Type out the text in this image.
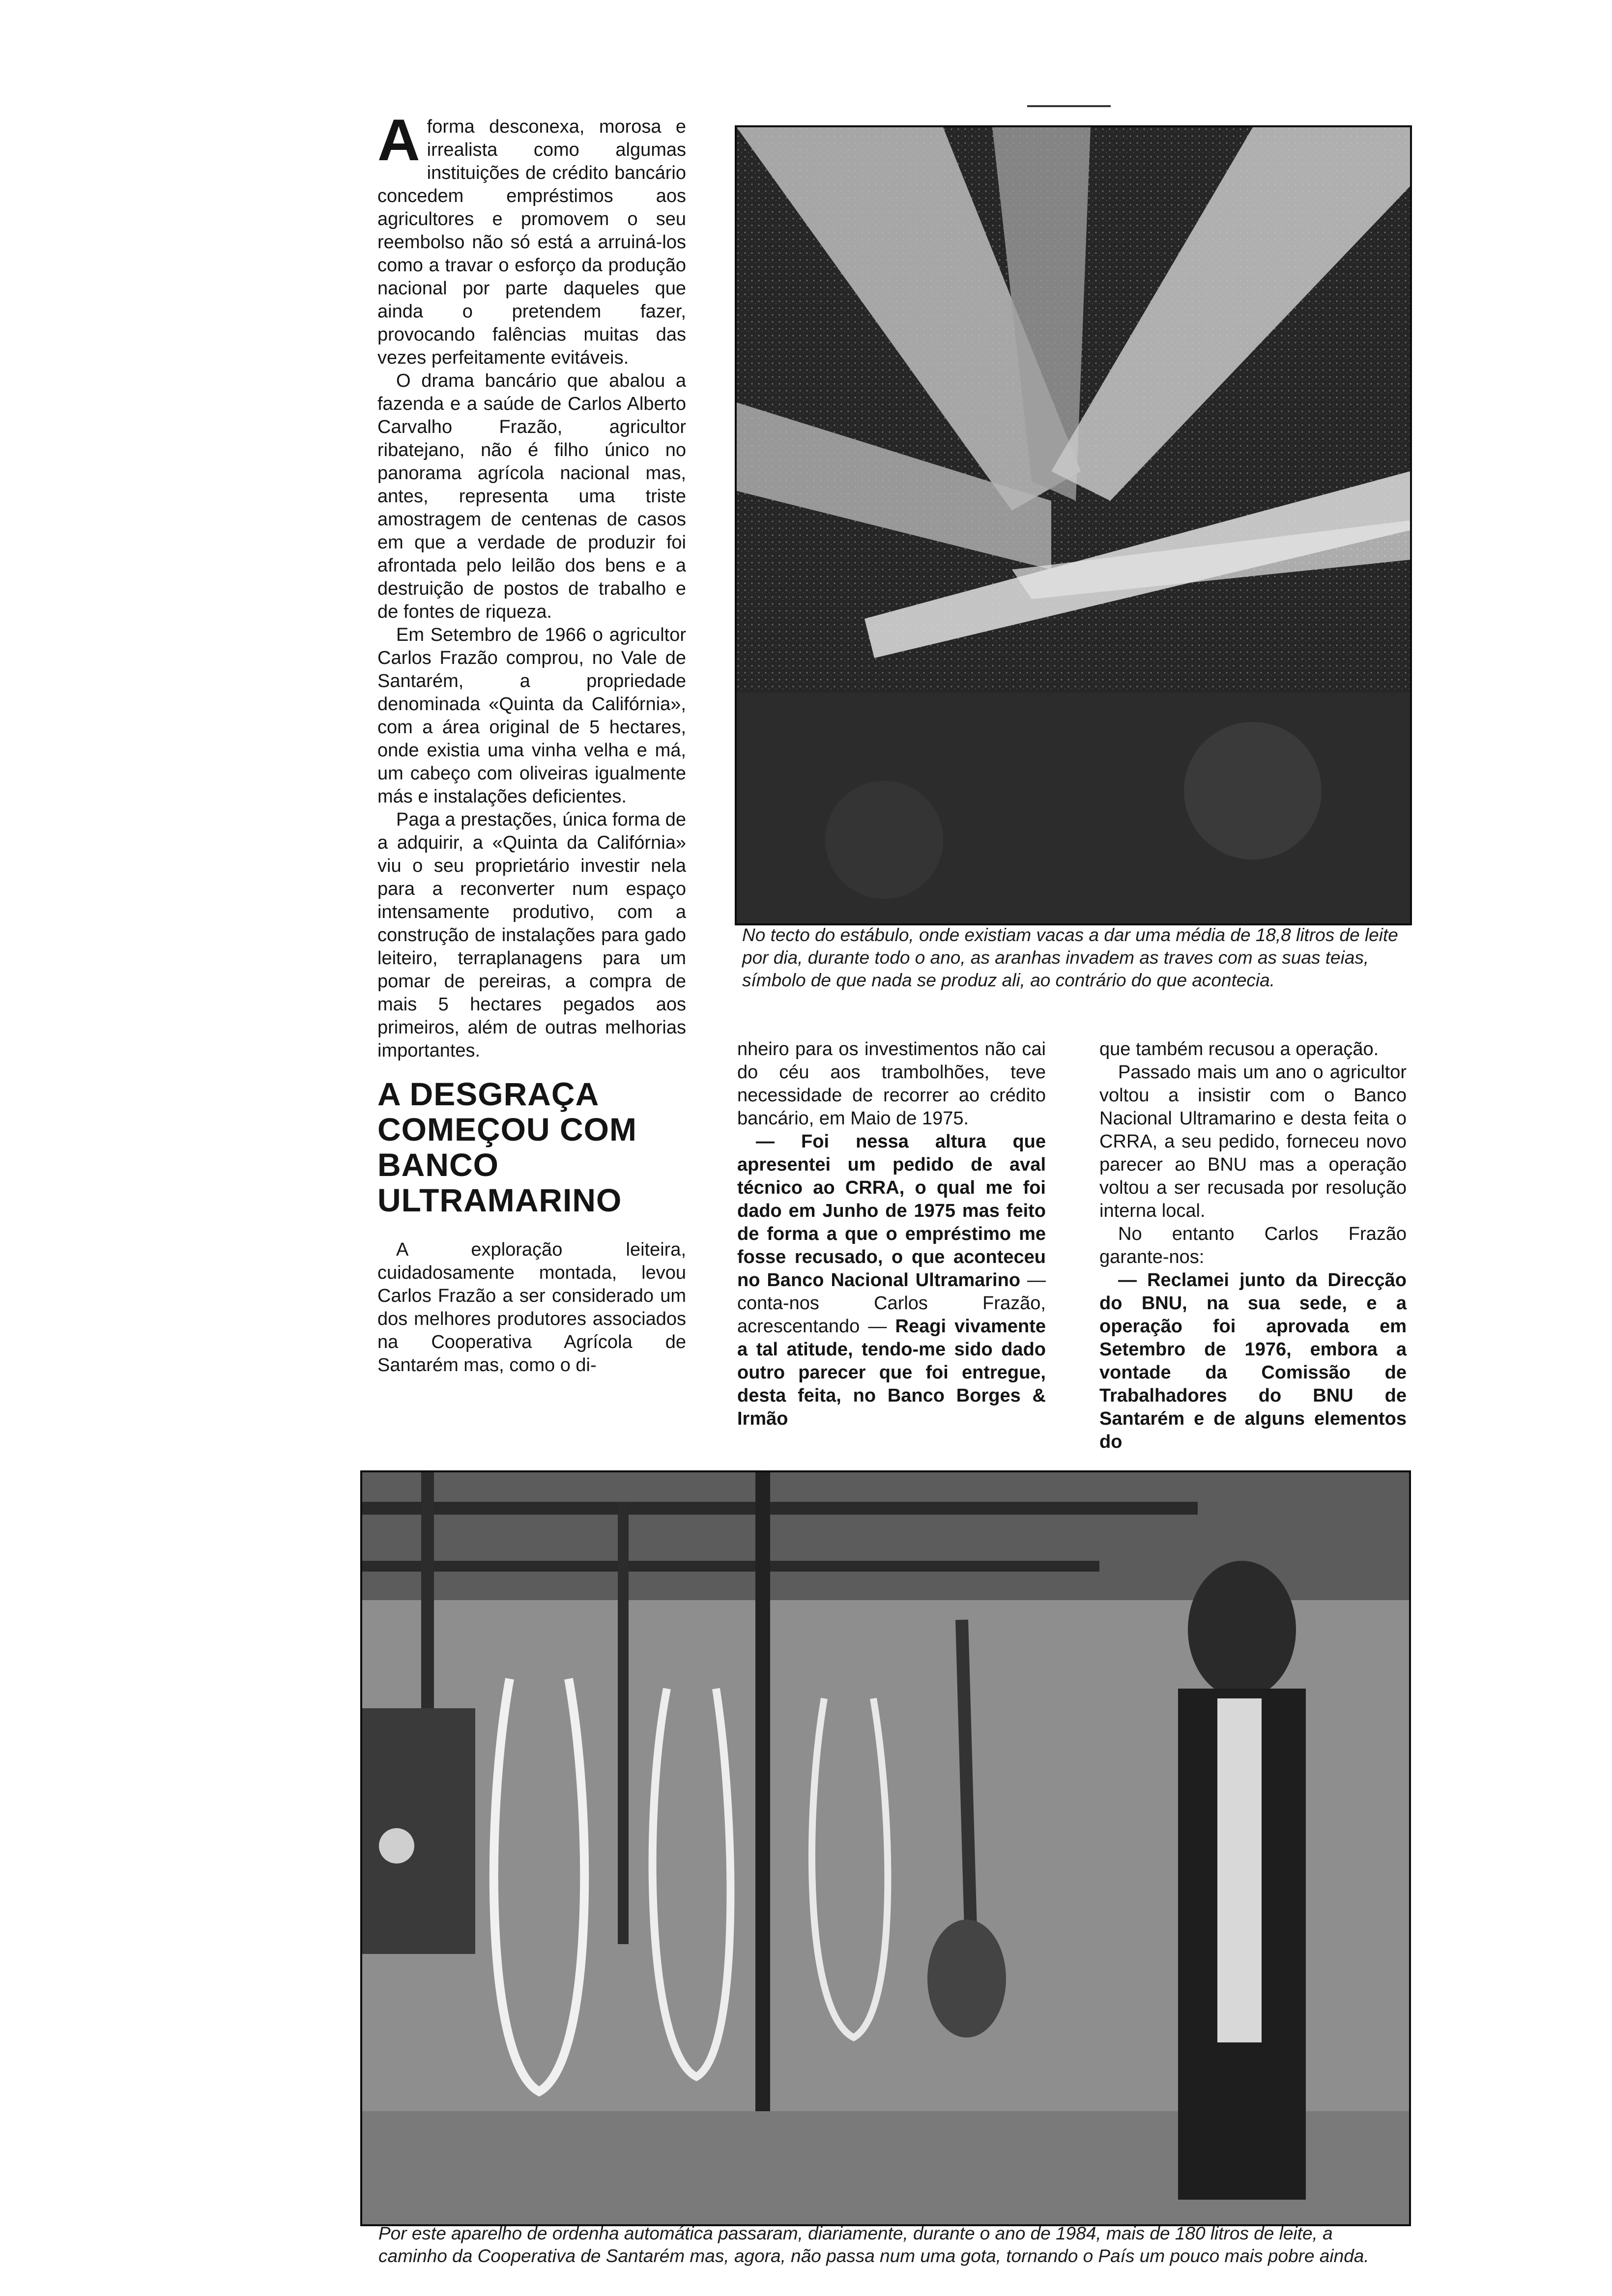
A forma desconexa, morosa e irrealista como algumas instituições de crédito bancário concedem empréstimos aos agricultores e promovem o seu reembolso não só está a arruiná-los como a travar o esforço da produção nacional por parte daqueles que ainda o pretendem fazer, provocando falências muitas das vezes perfeitamente evitáveis.

O drama bancário que abalou a fazenda e a saúde de Carlos Alberto Carvalho Frazão, agricultor ribatejano, não é filho único no panorama agrícola nacional mas, antes, representa uma triste amostragem de centenas de casos em que a verdade de produzir foi afrontada pelo leilão dos bens e a destruição de postos de trabalho e de fontes de riqueza.

Em Setembro de 1966 o agricultor Carlos Frazão comprou, no Vale de Santarém, a propriedade denominada «Quinta da Califórnia», com a área original de 5 hectares, onde existia uma vinha velha e má, um cabeço com oliveiras igualmente más e instalações deficientes.

Paga a prestações, única forma de a adquirir, a «Quinta da Califórnia» viu o seu proprietário investir nela para a reconverter num espaço intensamente produtivo, com a construção de instalações para gado leiteiro, terraplanagens para um pomar de pereiras, a compra de mais 5 hectares pegados aos primeiros, além de outras melhorias importantes.

A DESGRAÇA COMEÇOU COM BANCO ULTRAMARINO

A exploração leiteira, cuidadosamente montada, levou Carlos Frazão a ser considerado um dos melhores produtores associados na Cooperativa Agrícola de Santarém mas, como o di-

No tecto do estábulo, onde existiam vacas a dar uma média de 18,8 litros de leite por dia, durante todo o ano, as aranhas invadem as traves com as suas teias, símbolo de que nada se produz ali, ao contrário do que acontecia.

nheiro para os investimentos não cai do céu aos trambolhões, teve necessidade de recorrer ao crédito bancário, em Maio de 1975.

— Foi nessa altura que apresentei um pedido de aval técnico ao CRRA, o qual me foi dado em Junho de 1975 mas feito de forma a que o empréstimo me fosse recusado, o que aconteceu no Banco Nacional Ultramarino — conta-nos Carlos Frazão, acrescentando — Reagi vivamente a tal atitude, tendo-me sido dado outro parecer que foi entregue, desta feita, no Banco Borges & Irmão

que também recusou a operação.

Passado mais um ano o agricultor voltou a insistir com o Banco Nacional Ultramarino e desta feita o CRRA, a seu pedido, forneceu novo parecer ao BNU mas a operação voltou a ser recusada por resolução interna local.

No entanto Carlos Frazão garante-nos:

— Reclamei junto da Direcção do BNU, na sua sede, e a operação foi aprovada em Setembro de 1976, embora a vontade da Comissão de Trabalhadores do BNU de Santarém e de alguns elementos do

Por este aparelho de ordenha automática passaram, diariamente, durante o ano de 1984, mais de 180 litros de leite, a caminho da Cooperativa de Santarém mas, agora, não passa num uma gota, tornando o País um pouco mais pobre ainda.
